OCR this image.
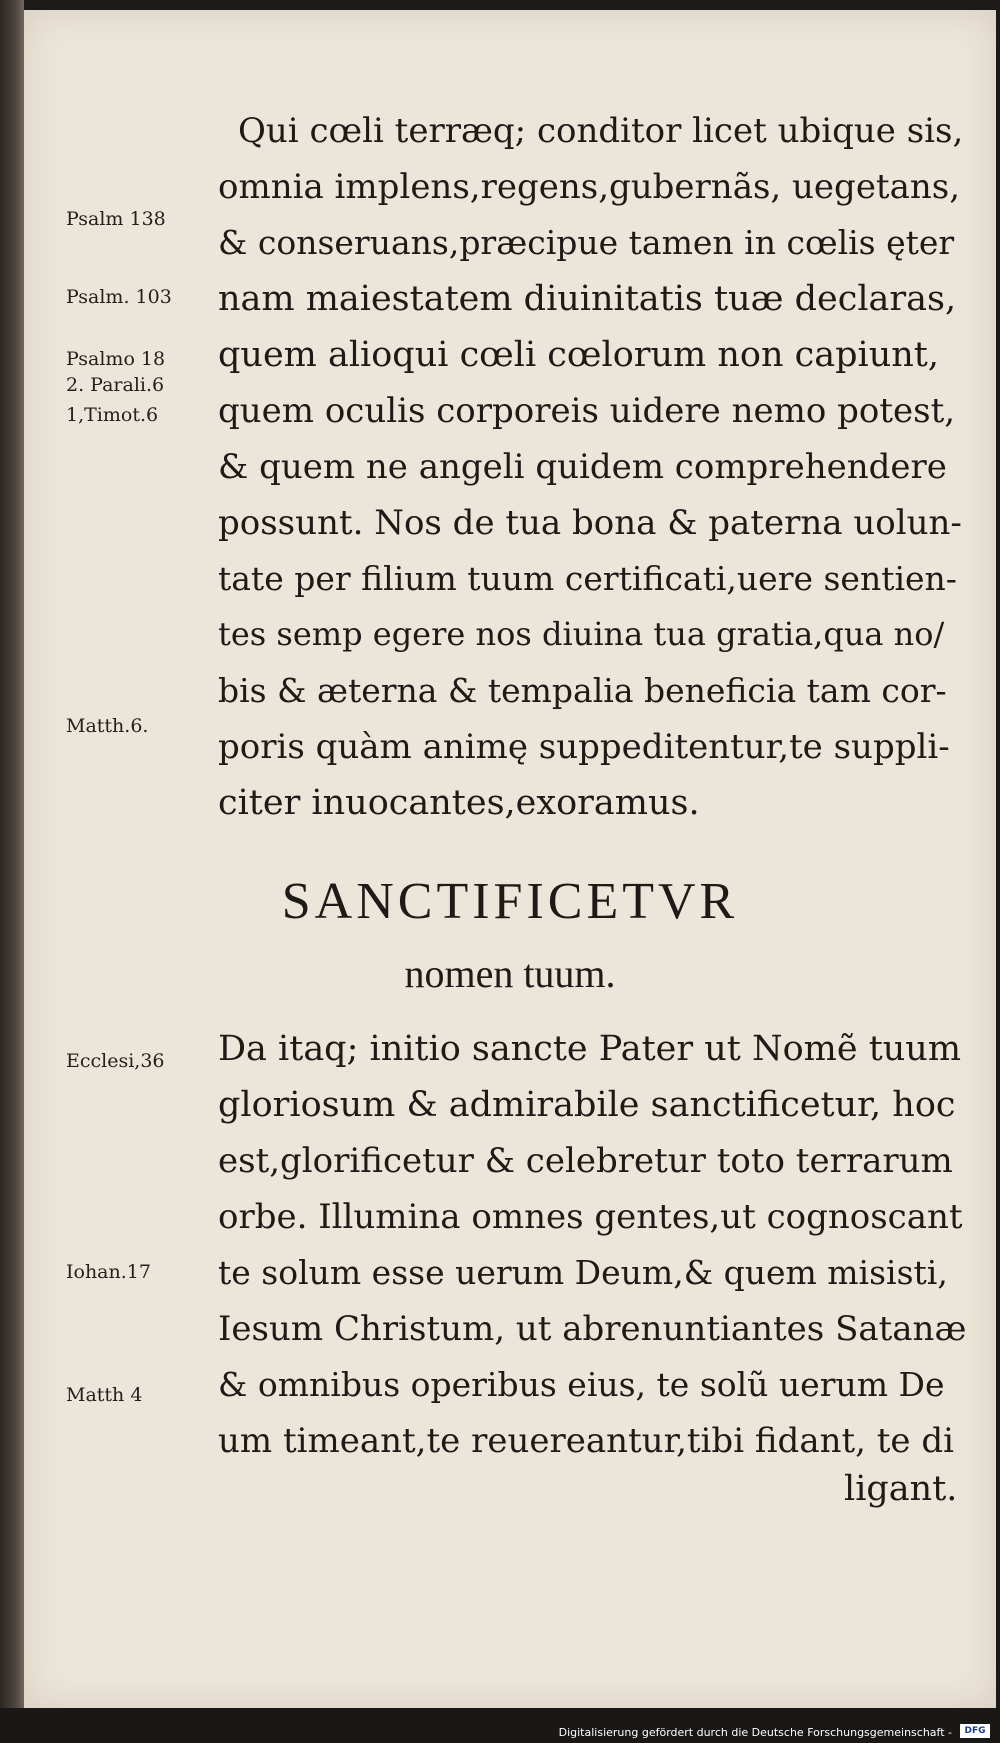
Psalm 138
Psalm. 103
Psalmo 18
2. Parali.6
1,Timot.6
Matth.6.
Ecclesi,36
Iohan.17
Matth 4
Qui cœli terræq; conditor licet ubique sis,
omnia implens,regens,gubernãs, uegetans,
& conseruans,præcipue tamen in cœlis ęter
nam maiestatem diuinitatis tuæ declaras,
quem alioqui cœli cœlorum non capiunt,
quem oculis corporeis uidere nemo potest,
& quem ne angeli quidem comprehendere
possunt. Nos de tua bona & paterna uolun-
tate per filium tuum certificati,uere sentien-
tes semp egere nos diuina tua gratia,qua no/
bis & æterna & tempalia beneficia tam cor-
poris quàm animę suppeditentur,te suppli-
citer inuocantes,exoramus.
SANCTIFICETVR
nomen tuum.
Da itaq; initio sancte Pater ut Nomẽ tuum
gloriosum & admirabile sanctificetur, hoc
est,glorificetur & celebretur toto terrarum
orbe. Illumina omnes gentes,ut cognoscant
te solum esse uerum Deum,& quem misisti,
Iesum Christum, ut abrenuntiantes Satanæ
& omnibus operibus eius, te solũ uerum De
um timeant,te reuereantur,tibi fidant, te di
ligant.
Digitalisierung gefördert durch die Deutsche Forschungsgemeinschaft -	DFG
